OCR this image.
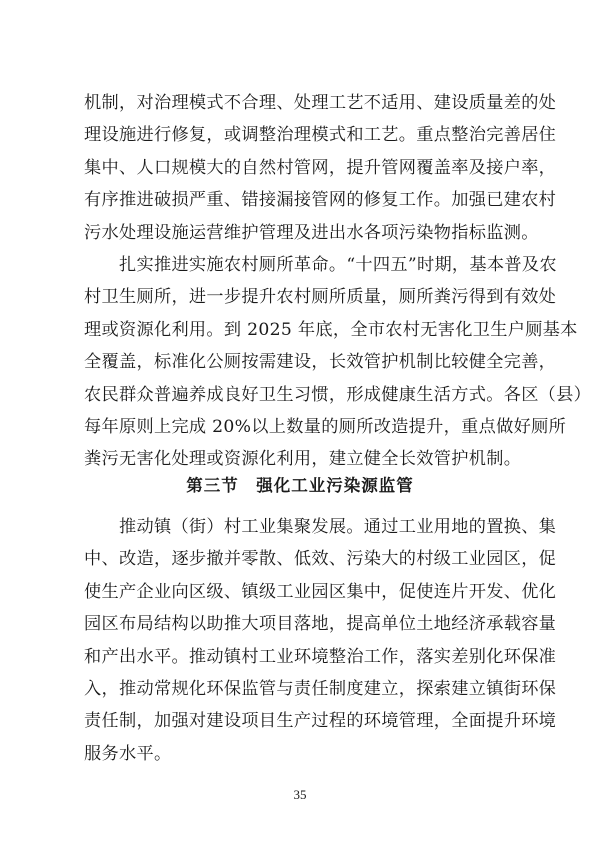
机制，对治理模式不合理、处理工艺不适用、建设质量差的处
理设施进行修复，或调整治理模式和工艺。重点整治完善居住
集中、人口规模大的自然村管网，提升管网覆盖率及接户率，
有序推进破损严重、错接漏接管网的修复工作。加强已建农村
污水处理设施运营维护管理及进出水各项污染物指标监测。
　　扎实推进实施农村厕所革命。“十四五”时期，基本普及农
村卫生厕所，进一步提升农村厕所质量，厕所粪污得到有效处
理或资源化利用。到 2025 年底，全市农村无害化卫生户厕基本
全覆盖，标准化公厕按需建设，长效管护机制比较健全完善，
农民群众普遍养成良好卫生习惯，形成健康生活方式。各区（县）
每年原则上完成 20%以上数量的厕所改造提升，重点做好厕所
粪污无害化处理或资源化利用，建立健全长效管护机制。
第三节　强化工业污染源监管
　　推动镇（街）村工业集聚发展。通过工业用地的置换、集
中、改造，逐步撤并零散、低效、污染大的村级工业园区，促
使生产企业向区级、镇级工业园区集中，促使连片开发、优化
园区布局结构以助推大项目落地，提高单位土地经济承载容量
和产出水平。推动镇村工业环境整治工作，落实差别化环保准
入，推动常规化环保监管与责任制度建立，探索建立镇街环保
责任制，加强对建设项目生产过程的环境管理，全面提升环境
服务水平。
35
